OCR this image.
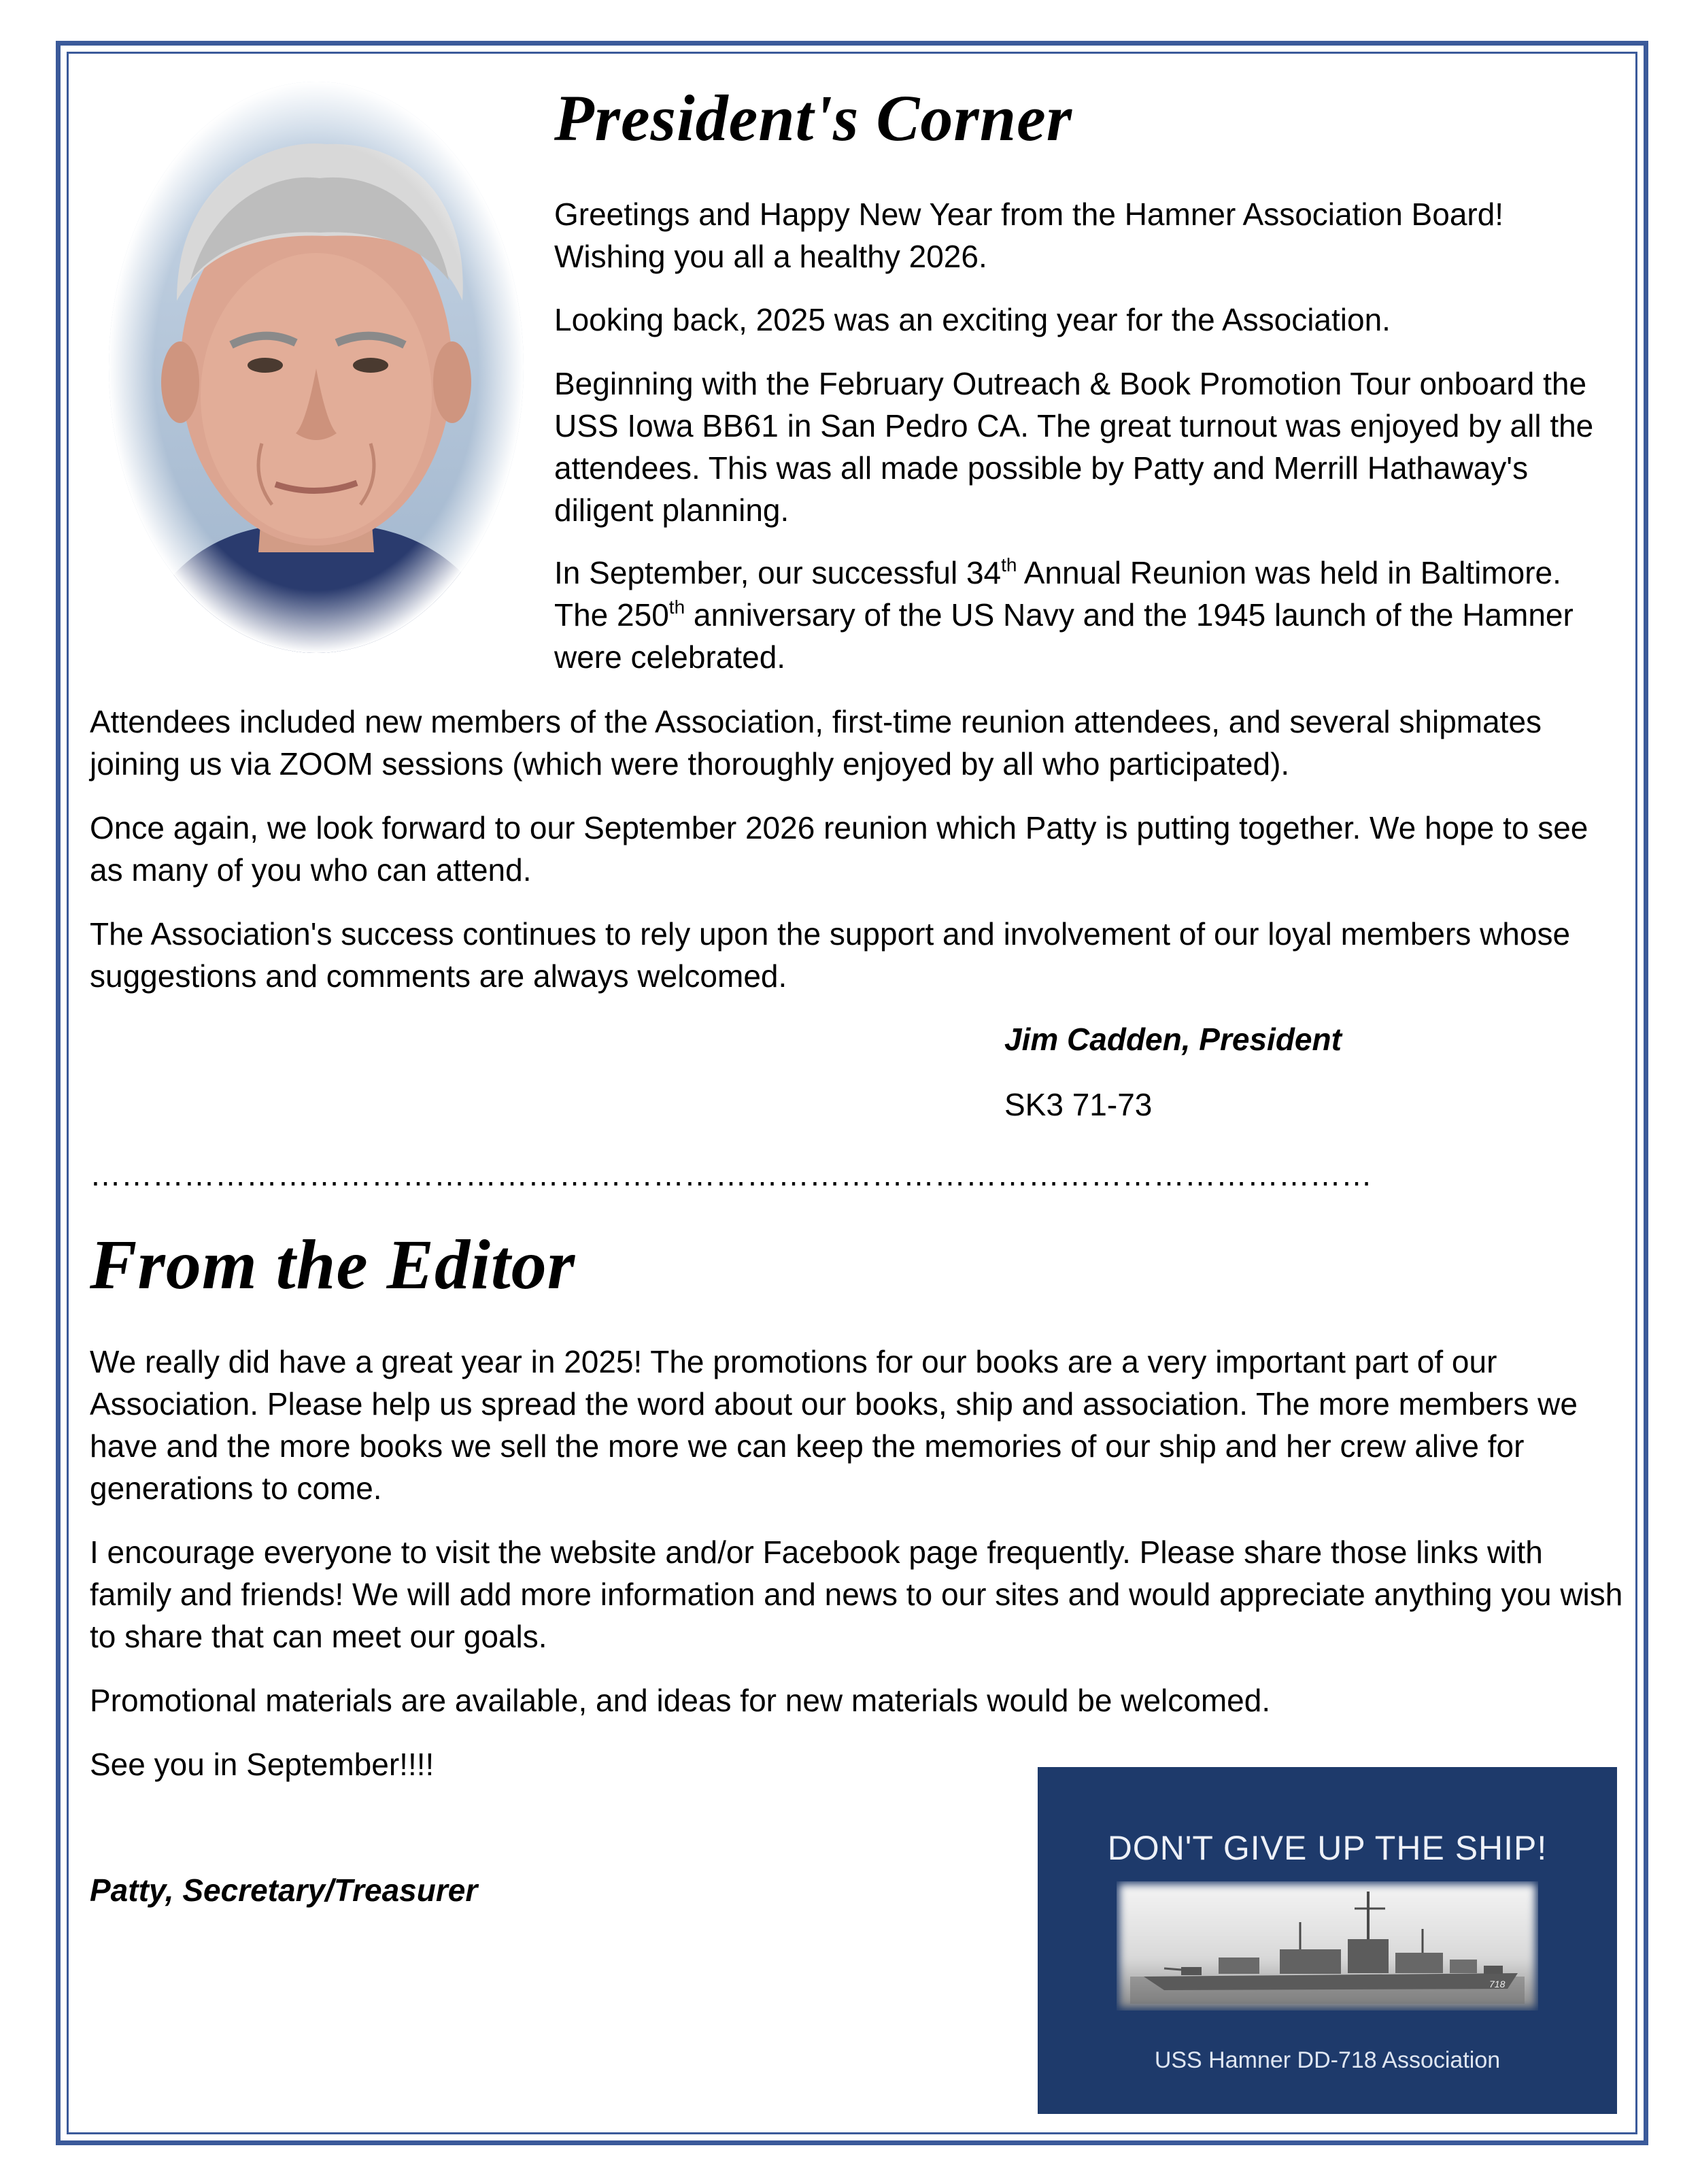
President's Corner

Greetings and Happy New Year from the Hamner Association Board!
Wishing you all a healthy 2026.

Looking back, 2025 was an exciting year for the Association.

Beginning with the February Outreach & Book Promotion Tour onboard the USS Iowa BB61 in San Pedro CA. The great turnout was enjoyed by all the attendees. This was all made possible by Patty and Merrill Hathaway's diligent planning.

In September, our successful 34th Annual Reunion was held in Baltimore. The 250th anniversary of the US Navy and the 1945 launch of the Hamner were celebrated.

Attendees included new members of the Association, first-time reunion attendees, and several shipmates joining us via ZOOM sessions (which were thoroughly enjoyed by all who participated).

Once again, we look forward to our September 2026 reunion which Patty is putting together. We hope to see as many of you who can attend.

The Association's success continues to rely upon the support and involvement of our loyal members whose suggestions and comments are always welcomed.

Jim Cadden, President

SK3 71-73

……………………………………………………………………………………………………………
From the Editor

We really did have a great year in 2025! The promotions for our books are a very important part of our Association. Please help us spread the word about our books, ship and association. The more members we have and the more books we sell the more we can keep the memories of our ship and her crew alive for generations to come.

I encourage everyone to visit the website and/or Facebook page frequently. Please share those links with family and friends! We will add more information and news to our sites and would appreciate anything you wish to share that can meet our goals.

Promotional materials are available, and ideas for new materials would be welcomed.

See you in September!!!!

Patty, Secretary/Treasurer

DON'T GIVE UP THE SHIP!
718
USS Hamner DD-718 Association
